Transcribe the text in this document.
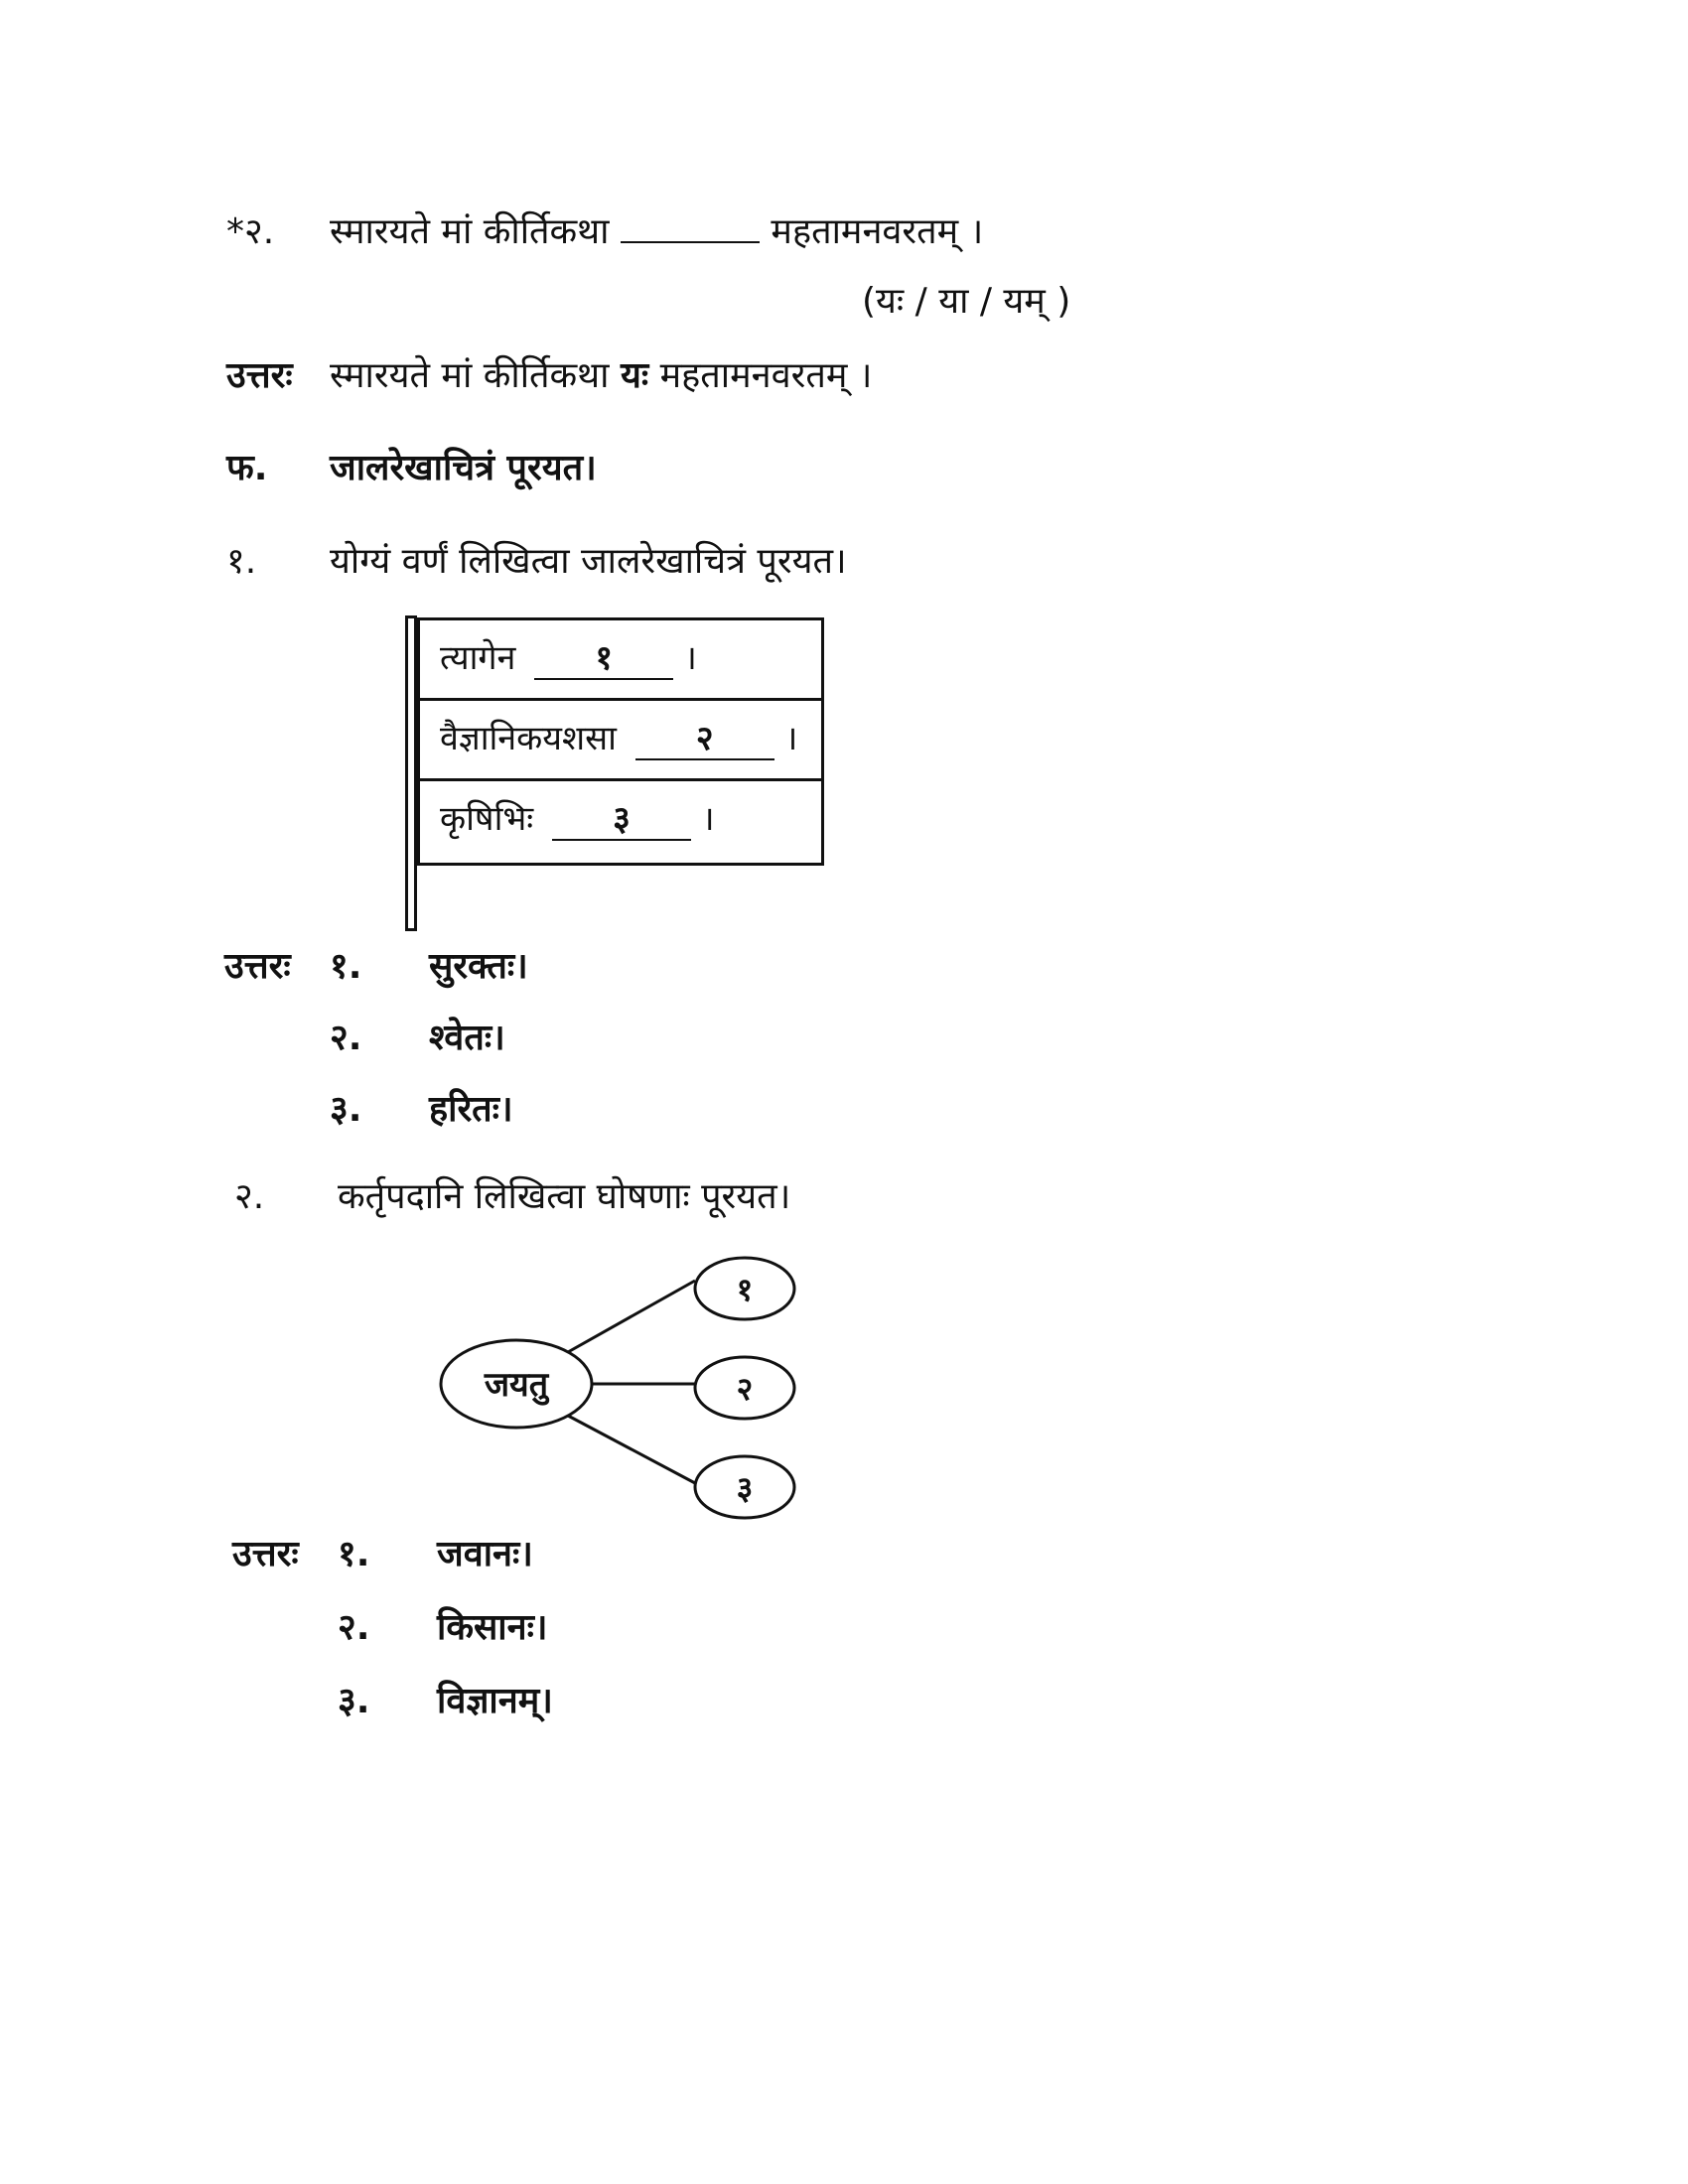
*२. स्मारयते मां कीर्तिकथा	महतामनवरतम् ।
(यः / या / यम् )
उत्तरः स्मारयते मां कीर्तिकथा यः महतामनवरतम् ।
फ. जालरेखाचित्रं पूरयत।
१. योग्यं वर्णं लिखित्वा जालरेखाचित्रं पूरयत।
त्यागेन १ ।
वैज्ञानिकयशसा २ ।
कृषिभिः ३ ।
उत्तरः १. सुरक्तः।
२. श्वेतः।
३. हरितः।
२. कर्तृपदानि लिखित्वा घोषणाः पूरयत।
जयतु
१
२
३
उत्तरः १. जवानः।
२. किसानः।
३. विज्ञानम्।
